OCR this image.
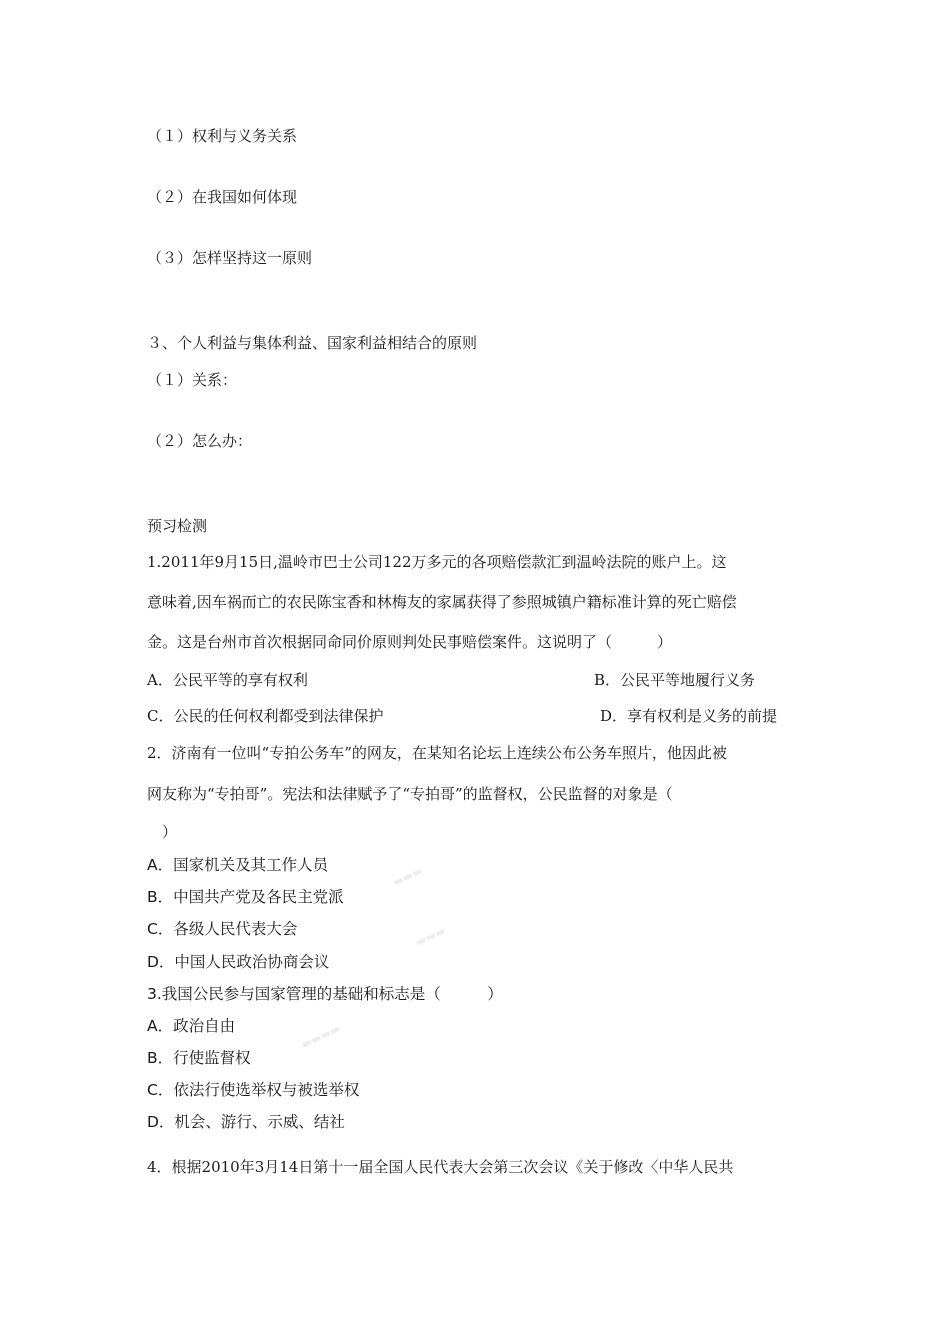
（１）权利与义务关系
（２）在我国如何体现
（３）怎样坚持这一原则
３、个人利益与集体利益、国家利益相结合的原则
（１）关系：
（２）怎么办：
预习检测
1.2011年9月15日,温岭市巴士公司122万多元的各项赔偿款汇到温岭法院的账户上。这
意味着,因车祸而亡的农民陈宝香和林梅友的家属获得了参照城镇户籍标准计算的死亡赔偿
金。这是台州市首次根据同命同价原则判处民事赔偿案件。这说明了（　　　）
A．公民平等的享有权利	B．公民平等地履行义务
C．公民的任何权利都受到法律保护	D．享有权利是义务的前提
2．济南有一位叫“专拍公务车”的网友，在某知名论坛上连续公布公务车照片，他因此被
网友称为“专拍哥”。宪法和法律赋予了“专拍哥”的监督权，公民监督的对象是（
　）
A．国家机关及其工作人员
B．中国共产党及各民主党派
C．各级人民代表大会
D．中国人民政治协商会议
3.我国公民参与国家管理的基础和标志是（　　　）
A．政治自由
B．行使监督权
C．依法行使选举权与被选举权
D．机会、游行、示威、结社
4．根据2010年3月14日第十一届全国人民代表大会第三次会议《关于修改〈中华人民共
▬▬▬
▬▬▬
▬▬▬▬
